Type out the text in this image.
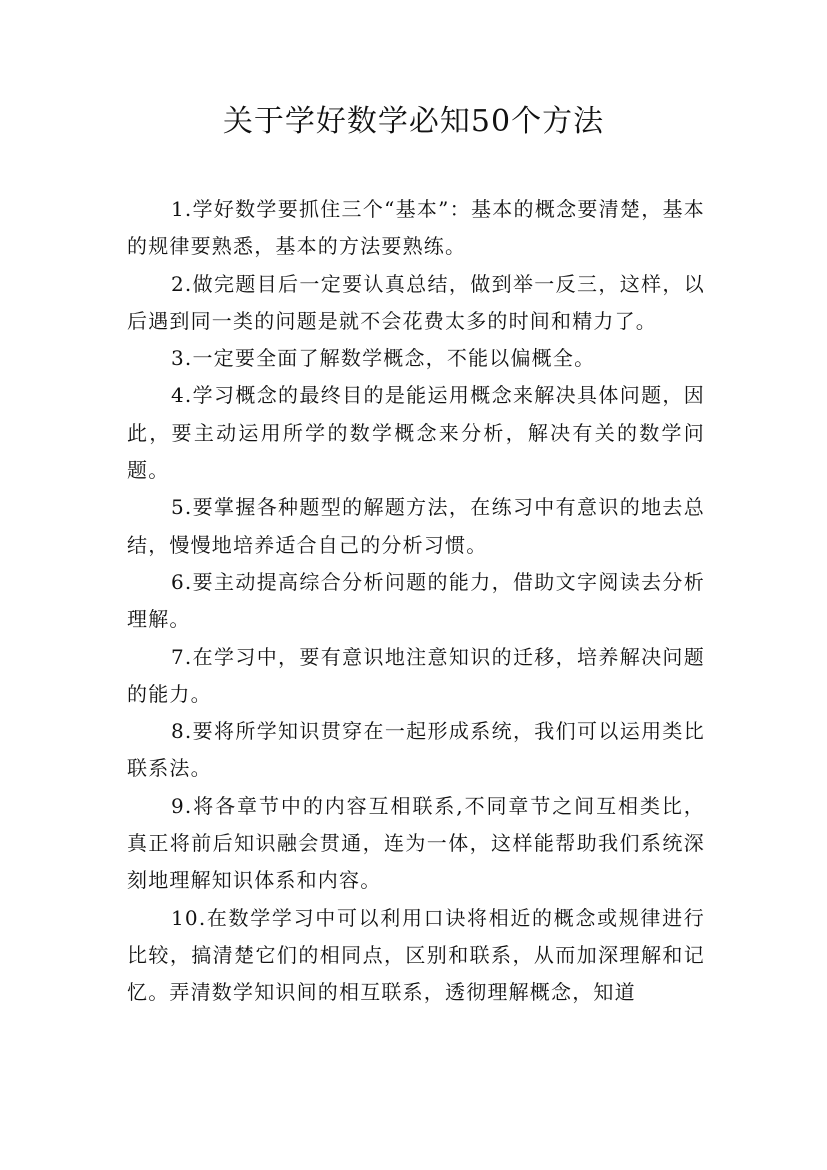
关于学好数学必知50个方法

1.学好数学要抓住三个“基本”：基本的概念要清楚，基本的规律要熟悉，基本的方法要熟练。

2.做完题目后一定要认真总结，做到举一反三，这样，以后遇到同一类的问题是就不会花费太多的时间和精力了。

3.一定要全面了解数学概念，不能以偏概全。

4.学习概念的最终目的是能运用概念来解决具体问题，因此，要主动运用所学的数学概念来分析，解决有关的数学问题。

5.要掌握各种题型的解题方法，在练习中有意识的地去总结，慢慢地培养适合自己的分析习惯。

6.要主动提高综合分析问题的能力，借助文字阅读去分析理解。

7.在学习中，要有意识地注意知识的迁移，培养解决问题的能力。

8.要将所学知识贯穿在一起形成系统，我们可以运用类比联系法。

9.将各章节中的内容互相联系,不同章节之间互相类比，真正将前后知识融会贯通，连为一体，这样能帮助我们系统深刻地理解知识体系和内容。

10.在数学学习中可以利用口诀将相近的概念或规律进行比较，搞清楚它们的相同点，区别和联系，从而加深理解和记忆。弄清数学知识间的相互联系，透彻理解概念，知道
